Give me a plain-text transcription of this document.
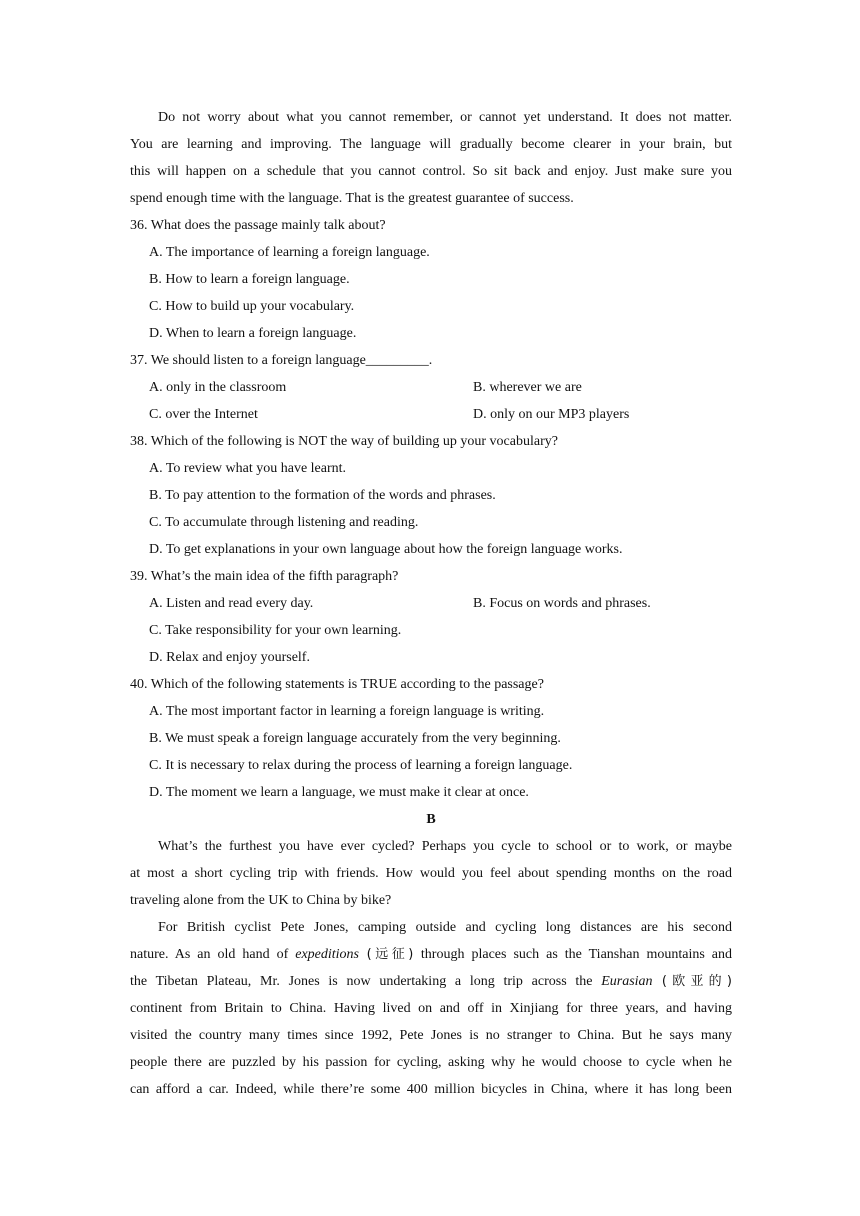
Do not worry about what you cannot remember, or cannot yet understand. It does not matter.
You are learning and improving. The language will gradually become clearer in your brain, but
this will happen on a schedule that you cannot control. So sit back and enjoy. Just make sure you
spend enough time with the language. That is the greatest guarantee of success.
36. What does the passage mainly talk about?
A. The importance of learning a foreign language.
B. How to learn a foreign language.
C. How to build up your vocabulary.
D. When to learn a foreign language.
37. We should listen to a foreign language_________.
A. only in the classroom	B. wherever we are
C. over the Internet	D. only on our MP3 players
38. Which of the following is NOT the way of building up your vocabulary?
A. To review what you have learnt.
B. To pay attention to the formation of the words and phrases.
C. To accumulate through listening and reading.
D. To get explanations in your own language about how the foreign language works.
39. What’s the main idea of the fifth paragraph?
A. Listen and read every day.	B. Focus on words and phrases.
C. Take responsibility for your own learning.
D. Relax and enjoy yourself.
40. Which of the following statements is TRUE according to the passage?
A. The most important factor in learning a foreign language is writing.
B. We must speak a foreign language accurately from the very beginning.
C. It is necessary to relax during the process of learning a foreign language.
D. The moment we learn a language, we must make it clear at once.
B
What’s the furthest you have ever cycled? Perhaps you cycle to school or to work, or maybe
at most a short cycling trip with friends. How would you feel about spending months on the road
traveling alone from the UK to China by bike?
For British cyclist Pete Jones, camping outside and cycling long distances are his second
nature. As an old hand of expeditions (远征) through places such as the Tianshan mountains and
the Tibetan Plateau, Mr. Jones is now undertaking a long trip across the Eurasian (欧亚的)
continent from Britain to China. Having lived on and off in Xinjiang for three years, and having
visited the country many times since 1992, Pete Jones is no stranger to China. But he says many
people there are puzzled by his passion for cycling, asking why he would choose to cycle when he
can afford a car. Indeed, while there’re some 400 million bicycles in China, where it has long been
